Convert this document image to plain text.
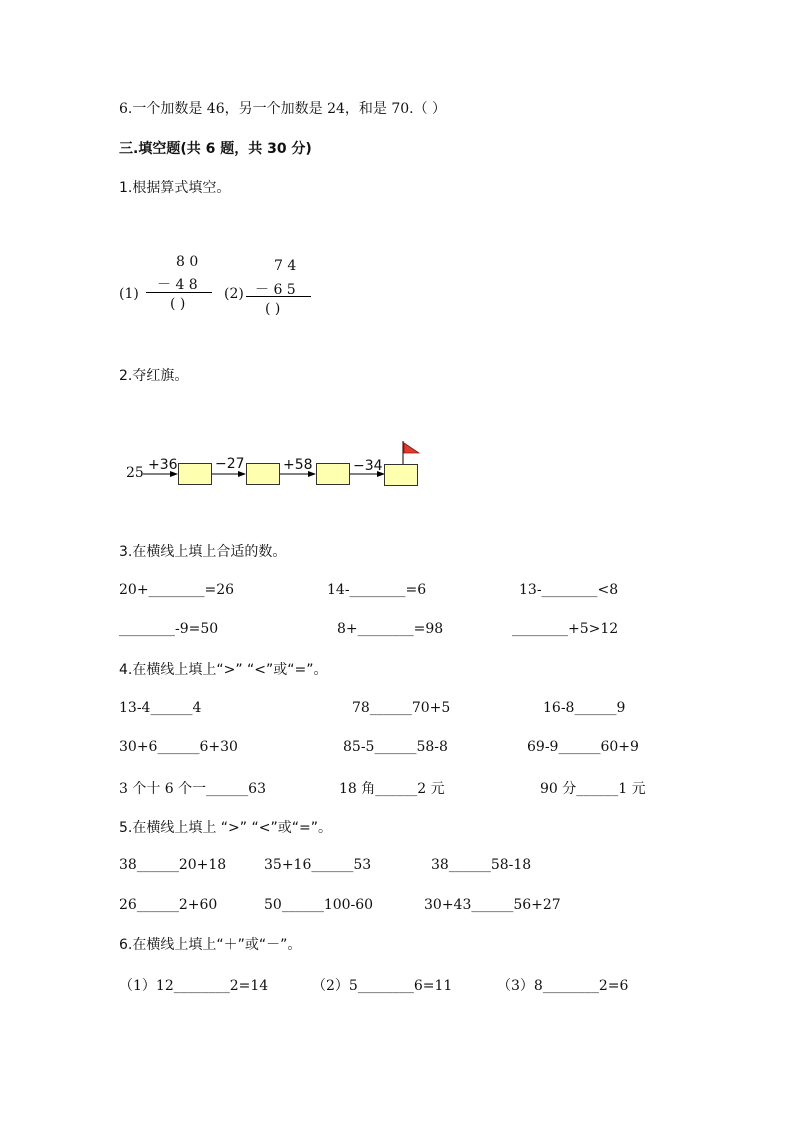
6.一个加数是 46，另一个加数是 24，和是 70.（ ）
三.填空题(共 6 题，共 30 分)
1.根据算式填空。
(1)
8 0
－ 4 8
( )
(2)
7 4
－ 6 5
( )
2.夺红旗。
25 +36	−27	+58	−34
3.在横线上填上合适的数。
20+________=26	14-________=6	13-________<8
________-9=50	8+________=98	________+5>12
4.在横线上填上“>” “<”或“=”。
13-4______4	78______70+5	16-8______9
30+6______6+30	85-5______58-8	69-9______60+9
3 个十 6 个一______63	18 角______2 元	90 分______1 元
5.在横线上填上 “>” “<”或“=”。
38______20+18	35+16______53	38______58-18
26______2+60	50______100-60	30+43______56+27
6.在横线上填上“＋”或“－”。
（1）12________2=14	（2）5________6=11	（3）8________2=6
